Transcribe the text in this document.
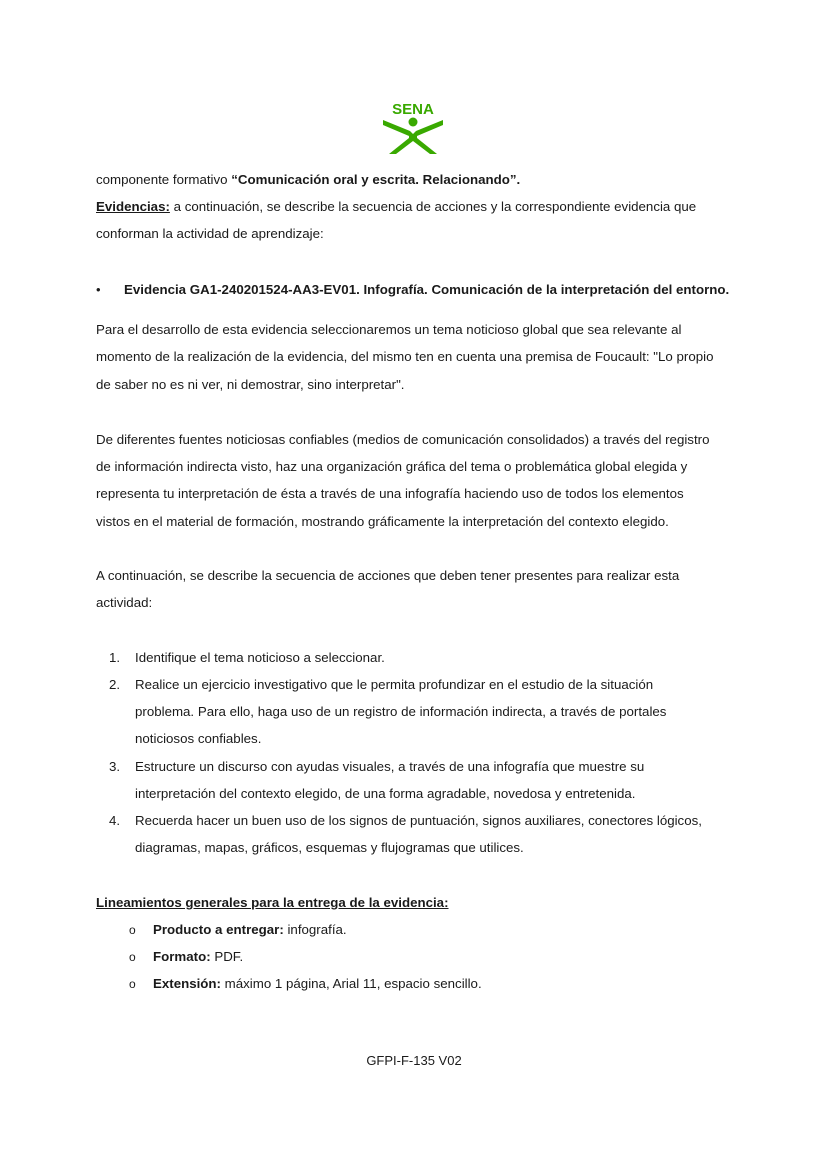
SENA
componente formativo “Comunicación oral y escrita. Relacionando”.
Evidencias: a continuación, se describe la secuencia de acciones y la correspondiente evidencia que
conforman la actividad de aprendizaje:
• Evidencia GA1-240201524-AA3-EV01. Infografía. Comunicación de la interpretación del entorno.
Para el desarrollo de esta evidencia seleccionaremos un tema noticioso global que sea relevante al
momento de la realización de la evidencia, del mismo ten en cuenta una premisa de Foucault: "Lo propio
de saber no es ni ver, ni demostrar, sino interpretar".
De diferentes fuentes noticiosas confiables (medios de comunicación consolidados) a través del registro
de información indirecta visto, haz una organización gráfica del tema o problemática global elegida y
representa tu interpretación de ésta a través de una infografía haciendo uso de todos los elementos
vistos en el material de formación, mostrando gráficamente la interpretación del contexto elegido.
A continuación, se describe la secuencia de acciones que deben tener presentes para realizar esta
actividad:
1. Identifique el tema noticioso a seleccionar.
2. Realice un ejercicio investigativo que le permita profundizar en el estudio de la situación
problema. Para ello, haga uso de un registro de información indirecta, a través de portales
noticiosos confiables.
3. Estructure un discurso con ayudas visuales, a través de una infografía que muestre su
interpretación del contexto elegido, de una forma agradable, novedosa y entretenida.
4. Recuerda hacer un buen uso de los signos de puntuación, signos auxiliares, conectores lógicos,
diagramas, mapas, gráficos, esquemas y flujogramas que utilices.
Lineamientos generales para la entrega de la evidencia:
o Producto a entregar: infografía.
o Formato: PDF.
o Extensión: máximo 1 página, Arial 11, espacio sencillo.
GFPI-F-135 V02
